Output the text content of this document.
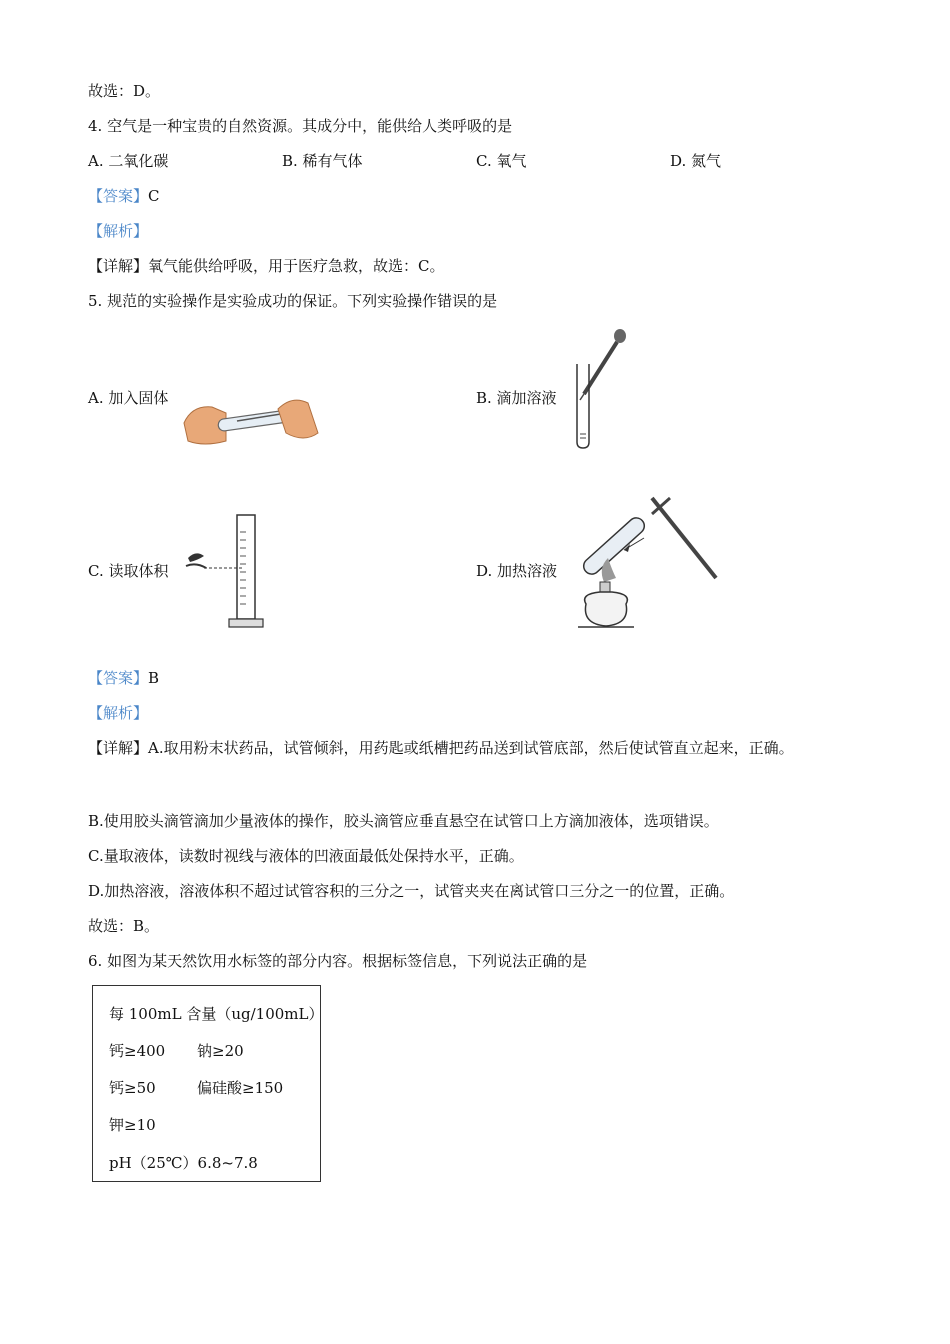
故选：D。
4. 空气是一种宝贵的自然资源。其成分中，能供给人类呼吸的是
A. 二氧化碳	B. 稀有气体	C. 氧气	D. 氮气
【答案】C
【解析】
【详解】氧气能供给呼吸，用于医疗急救，故选：C。
5. 规范的实验操作是实验成功的保证。下列实验操作错误的是
A. 加入固体	B. 滴加溶液
C. 读取体积	D. 加热溶液
【答案】B
【解析】
【详解】A.取用粉末状药品，试管倾斜，用药匙或纸槽把药品送到试管底部，然后使试管直立起来，正确。
B.使用胶头滴管滴加少量液体的操作，胶头滴管应垂直悬空在试管口上方滴加液体，选项错误。
C.量取液体，读数时视线与液体的凹液面最低处保持水平，正确。
D.加热溶液，溶液体积不超过试管容积的三分之一，试管夹夹在离试管口三分之一的位置，正确。
故选：B。
6. 如图为某天然饮用水标签的部分内容。根据标签信息，下列说法正确的是
每 100mL 含量（ug/100mL）
钙≥400 钠≥20
钙≥50	偏硅酸≥150
钾≥10
pH（25℃）6.8~7.8
